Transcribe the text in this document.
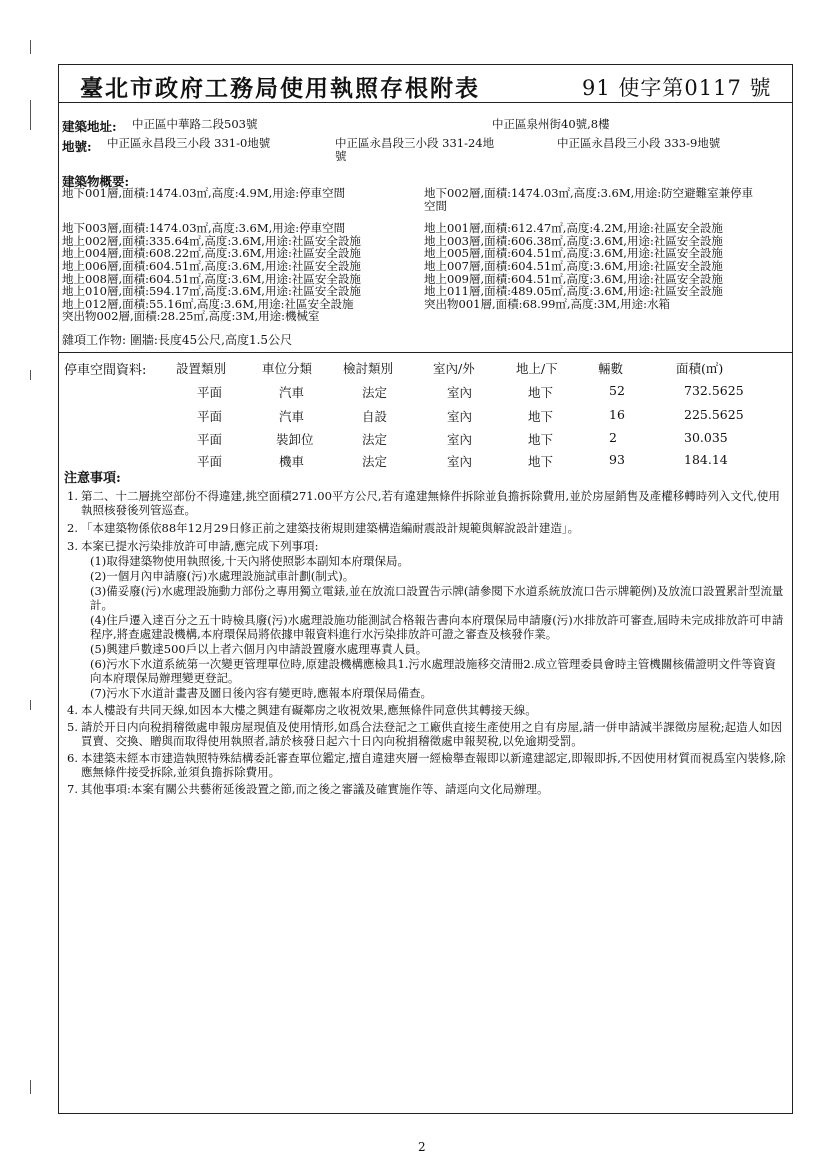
臺北市政府工務局使用執照存根附表	91 使字第0117 號
建築地址: 中正區中華路二段503號	中正區泉州街40號,8樓
地號: 中正區永昌段三小段 331-0地號	中正區永昌段三小段 331-24地號
中正區永昌段三小段 333-9地號
建築物概要:
地下001層,面積:1474.03㎡,高度:4.9M,用途:停車空間
地下003層,面積:1474.03㎡,高度:3.6M,用途:停車空間
地上002層,面積:335.64㎡,高度:3.6M,用途:社區安全設施
地上004層,面積:608.22㎡,高度:3.6M,用途:社區安全設施
地上006層,面積:604.51㎡,高度:3.6M,用途:社區安全設施
地上008層,面積:604.51㎡,高度:3.6M,用途:社區安全設施
地上010層,面積:594.17㎡,高度:3.6M,用途:社區安全設施
地上012層,面積:55.16㎡,高度:3.6M,用途:社區安全設施
突出物002層,面積:28.25㎡,高度:3M,用途:機械室
地下002層,面積:1474.03㎡,高度:3.6M,用途:防空避難室兼停車
空間
地上001層,面積:612.47㎡,高度:4.2M,用途:社區安全設施
地上003層,面積:606.38㎡,高度:3.6M,用途:社區安全設施
地上005層,面積:604.51㎡,高度:3.6M,用途:社區安全設施
地上007層,面積:604.51㎡,高度:3.6M,用途:社區安全設施
地上009層,面積:604.51㎡,高度:3.6M,用途:社區安全設施
地上011層,面積:489.05㎡,高度:3.6M,用途:社區安全設施
突出物001層,面積:68.99㎡,高度:3M,用途:水箱
雜項工作物: 圍牆:長度45公尺,高度1.5公尺
停車空間資料: 設置類別	車位分類 檢討類別	室內/外	地上/下	輛數	面積(㎡)
平面	汽車	法定	室內	地下	52	732.5625
平面	汽車	自設	室內	地下	16	225.5625
平面	裝卸位	法定	室內	地下	2	30.035
平面	機車	法定	室內	地下	93	184.14
注意事項:
1. 第二、十二層挑空部份不得違建,挑空面積271.00平方公尺,若有違建無條件拆除並負擔拆除費用,並於房屋銷售及產權移轉時列入文代,使用執照核發後列管巡查。
2. 「本建築物係依88年12月29日修正前之建築技術規則建築構造編耐震設計規範與解說設計建造」。
3. 本案已提水污染排放許可申請,應完成下列事項:
(1)取得建築物使用執照後,十天內將使照影本副知本府環保局。
(2)一個月內申請廢(污)水處理設施試車計劃(制式)。
(3)備妥廢(污)水處理設施動力部份之專用獨立電錶,並在放流口設置告示牌(請參閱下水道系統放流口告示牌範例)及放流口設置累計型流量計。
(4)住戶遷入達百分之五十時檢具廢(污)水處理設施功能測試合格報告書向本府環保局申請廢(污)水排放許可審查,屆時未完成排放許可申請程序,將查處建設機構,本府環保局將依據申報資料進行水污染排放許可證之審查及核發作業。
(5)興建戶數達500戶以上者六個月內申請設置廢水處理專責人員。
(6)污水下水道系統第一次變更管理單位時,原建設機構應檢具1.污水處理設施移交清冊2.成立管理委員會時主管機關核備證明文件等資資向本府環保局辦理變更登記。
(7)污水下水道計畫書及圖日後內容有變更時,應報本府環保局備查。
4. 本人樓設有共同天線,如因本大樓之興建有礙鄰房之收視效果,應無條件同意供其轉接天線。
5. 請於开日内向稅捐稽徵處申報房屋現值及使用情形,如爲合法登記之工廠供直接生產使用之自有房屋,請一併申請減半課徵房屋稅;起造人如因買賣、交換、贈與而取得使用執照者,請於核發日起六十日內向稅捐稽徵處申報契稅,以免逾期受罰。
6. 本建築未經本市建造執照特殊結構委託審查單位鑑定,擅自違建夾層一經檢舉查報即以新違建認定,即報即拆,不因使用材質而視爲室內裝修,除應無條件接受拆除,並須負擔拆除費用。
7. 其他事項:本案有關公共藝術延後設置之節,而之後之審議及確實施作等、請逕向文化局辦理。
2
